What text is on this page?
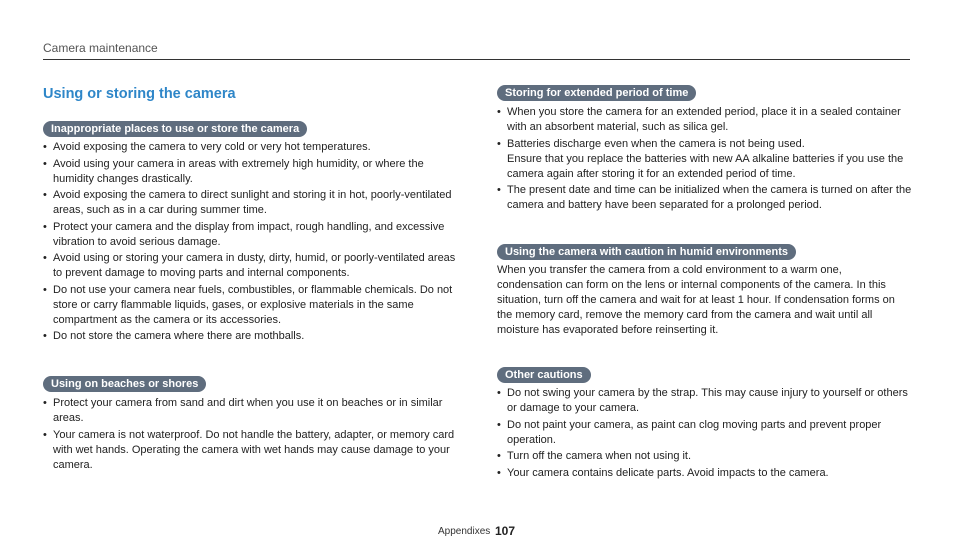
Camera maintenance
Using or storing the camera
Inappropriate places to use or store the camera
• Avoid exposing the camera to very cold or very hot temperatures.
• Avoid using your camera in areas with extremely high humidity, or where the humidity changes drastically.
• Avoid exposing the camera to direct sunlight and storing it in hot, poorly-ventilated areas, such as in a car during summer time.
• Protect your camera and the display from impact, rough handling, and excessive vibration to avoid serious damage.
• Avoid using or storing your camera in dusty, dirty, humid, or poorly-ventilated areas to prevent damage to moving parts and internal components.
• Do not use your camera near fuels, combustibles, or flammable chemicals. Do not store or carry flammable liquids, gases, or explosive materials in the same compartment as the camera or its accessories.
• Do not store the camera where there are mothballs.
Using on beaches or shores
• Protect your camera from sand and dirt when you use it on beaches or in similar areas.
• Your camera is not waterproof. Do not handle the battery, adapter, or memory card with wet hands. Operating the camera with wet hands may cause damage to your camera.
Storing for extended period of time
• When you store the camera for an extended period, place it in a sealed container with an absorbent material, such as silica gel.
• Batteries discharge even when the camera is not being used.
Ensure that you replace the batteries with new AA alkaline batteries if you use the camera again after storing it for an extended period of time.
• The present date and time can be initialized when the camera is turned on after the camera and battery have been separated for a prolonged period.
Using the camera with caution in humid environments

When you transfer the camera from a cold environment to a warm one, condensation can form on the lens or internal components of the camera. In this situation, turn off the camera and wait for at least 1 hour. If condensation forms on the memory card, remove the memory card from the camera and wait until all moisture has evaporated before reinserting it.

Other cautions
• Do not swing your camera by the strap. This may cause injury to yourself or others or damage to your camera.
• Do not paint your camera, as paint can clog moving parts and prevent proper operation.
• Turn off the camera when not using it.
• Your camera contains delicate parts. Avoid impacts to the camera.
Appendixes 107
